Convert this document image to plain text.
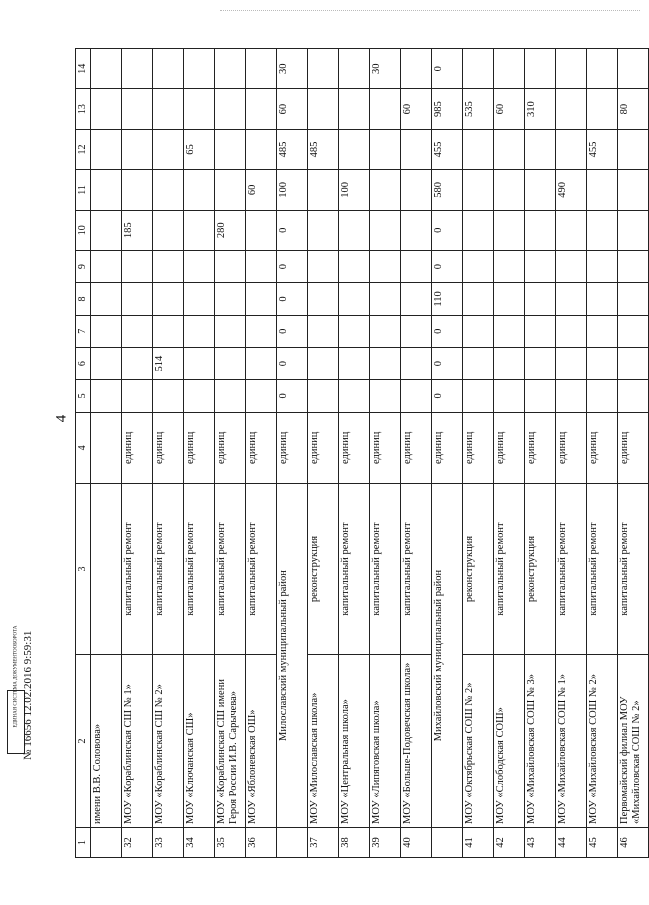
4
1	2	3	4	5	6	7	8	9	10	11	12	13	14
	имени В.В. Соловова»												
32	МОУ «Кораблинская СШ № 1»	капитальный ремонт	единиц						185				
33	МОУ «Кораблинская СШ № 2»	капитальный ремонт	единиц		514								
34	МОУ «Ключанская СШ»	капитальный ремонт	единиц								65		
35	МОУ «Кораблинская СШ имени Героя России И.В. Сарычева»	капитальный ремонт	единиц						280				
36	МОУ «Яблоневская ОШ»	капитальный ремонт	единиц							60			
	Милославский муниципальный район		единиц	0	0	0	0	0	0	100	485	60	30
37	МОУ «Милославская школа»	реконструкция	единиц								485		
38	МОУ «Центральная школа»	капитальный ремонт	единиц							100			
39	МОУ «Липяговская школа»	капитальный ремонт	единиц										30
40	МОУ «Больше-Подовечская школа»	капитальный ремонт	единиц									60	
	Михайловский муниципальный район		единиц	0	0	0	110	0	0	580	455	985	0
41	МОУ «Октябрьская СОШ № 2»	реконструкция	единиц									535	
42	МОУ «Слободская СОШ»	капитальный ремонт	единиц									60	
43	МОУ «Михайловская СОШ № 3»	реконструкция	единиц									310	
44	МОУ «Михайловская СОШ № 1»	капитальный ремонт	единиц							490			
45	МОУ «Михайловская СОШ № 2»	капитальный ремонт	единиц								455		
46	Первомайский филиал МОУ «Михайловская СОШ № 2»	капитальный ремонт	единиц									80	
ЕДИНАЯ СИСТЕМА ДОКУМЕНТООБОРОТА № 16656 12.02.2016 9:59:31
